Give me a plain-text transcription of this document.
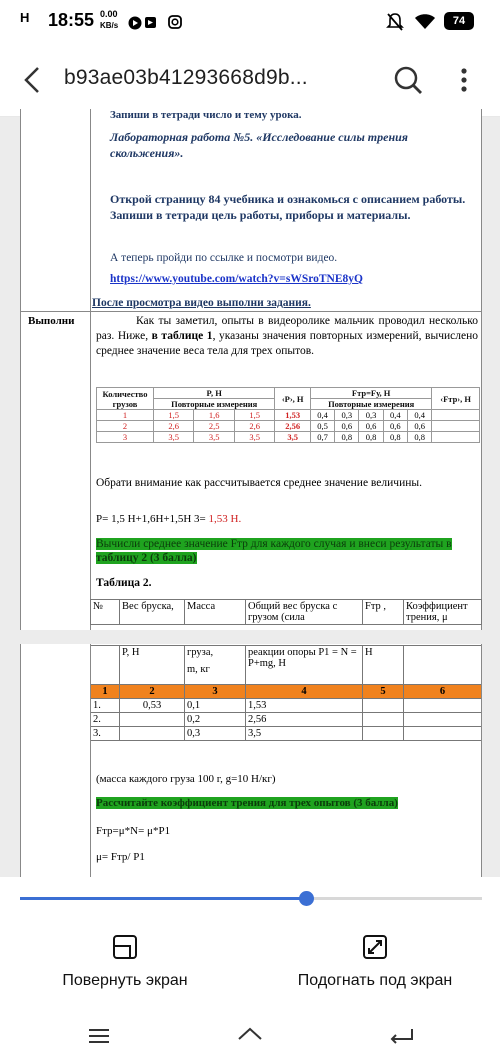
H 18:55 0.00
KB/s	74
b93ae03b41293668d9b...
Запиши в тетради число и тему урока.
Лабораторная работа №5. «Исследование силы трения скольжения».
Открой страницу 84 учебника и ознакомься с описанием работы. Запиши в тетради цель работы, приборы и материалы.
А теперь пройди по ссылке и посмотри видео.
https://www.youtube.com/watch?v=sWSroTNE8yQ
После просмотра видео выполни задания.
Выполни	Как ты заметил, опыты в видеоролике мальчик проводил несколько раз. Ниже, в таблице 1, указаны значения повторных измерений, вычислено среднее значение веса тела для трех опытов.
Количество грузов	P, H			‹P›, H	Fтр=Fу, H					‹Fтр›, H
	Повторные измерения				Повторные измерения					
1	1,5	1,6	1,5	1,53	0,4	0,3	0,3	0,4	0,4	
2	2,6	2,5	2,6	2,56	0,5	0,6	0,6	0,6	0,6	
3	3,5	3,5	3,5	3,5	0,7	0,8	0,8	0,8	0,8	
Обрати внимание как рассчитывается среднее значение величины.
P= 1,5 Н+1,6Н+1,5Н 3= 1,53 Н.
Вычисли среднее значение Fтр для каждого случая и внеси результаты в таблицу 2 (3 балла)
Таблица 2.
№	Вес бруска,	Масса	Общий вес бруска с грузом (сила	Fтр ,	Коэффициент трения, μ
	P, H	груза,
m, кг	реакции опоры P1 = N = P+mg, H	H	
1	2	3	4	5	6
1.	0,53	0,1	1,53		
2.		0,2	2,56		
3.		0,3	3,5		
(масса каждого груза 100 г, g=10 Н/кг)
Рассчитайте коэффициент трения для трех опытов (3 балла)
Fтр=μ*N= μ*P1
μ= Fтр/ P1
Повернуть экран	Подогнать под экран
